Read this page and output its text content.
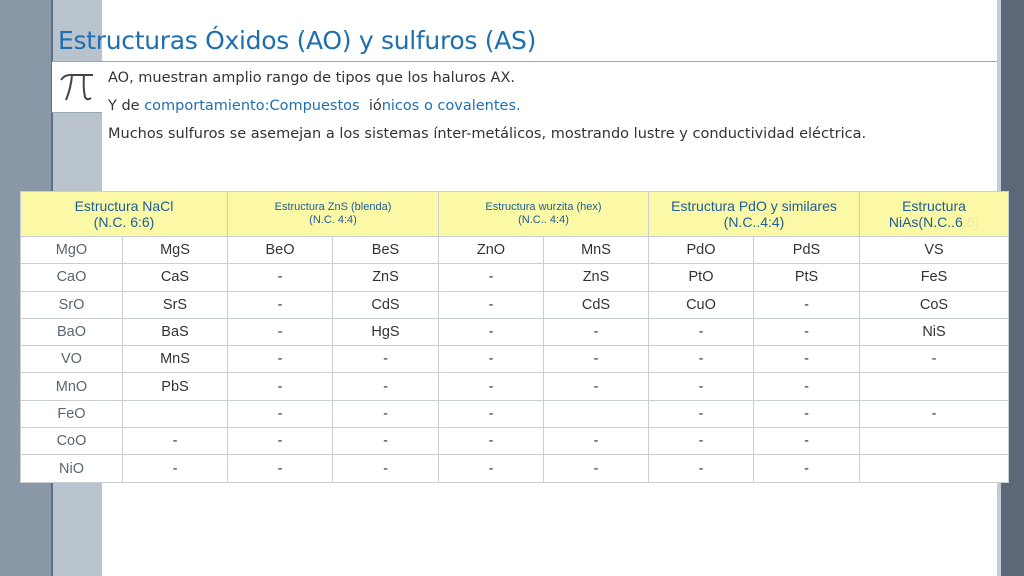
Estructuras Óxidos (AO) y sulfuros (AS)
AO, muestran amplio rango de tipos que los haluros AX.
Y de comportamiento:Compuestos iónicos o covalentes.
Muchos sulfuros se asemejan a los sistemas ínter-metálicos, mostrando lustre y conductividad eléctrica.
Estructura NaCl
(N.C. 6:6)		Estructura ZnS (blenda)
(N.C. 4:4)		Estructura wurzita (hex)
(N.C.. 4:4)		Estructura PdO y similares
(N.C..4:4)		Estructura
NiAs(N.C..6:6)
MgO	MgS	BeO	BeS	ZnO	MnS	PdO	PdS	VS
CaO	CaS	-	ZnS	-	ZnS	PtO	PtS	FeS
SrO	SrS	-	CdS	-	CdS	CuO	-	CoS
BaO	BaS	-	HgS	-	-	-	-	NiS
VO	MnS	-	-	-	-	-	-	-
MnO	PbS	-	-	-	-	-	-	
FeO		-	-	-		-	-	-
CoO	-	-	-	-	-	-	-	
NiO	-	-	-	-	-	-	-	
